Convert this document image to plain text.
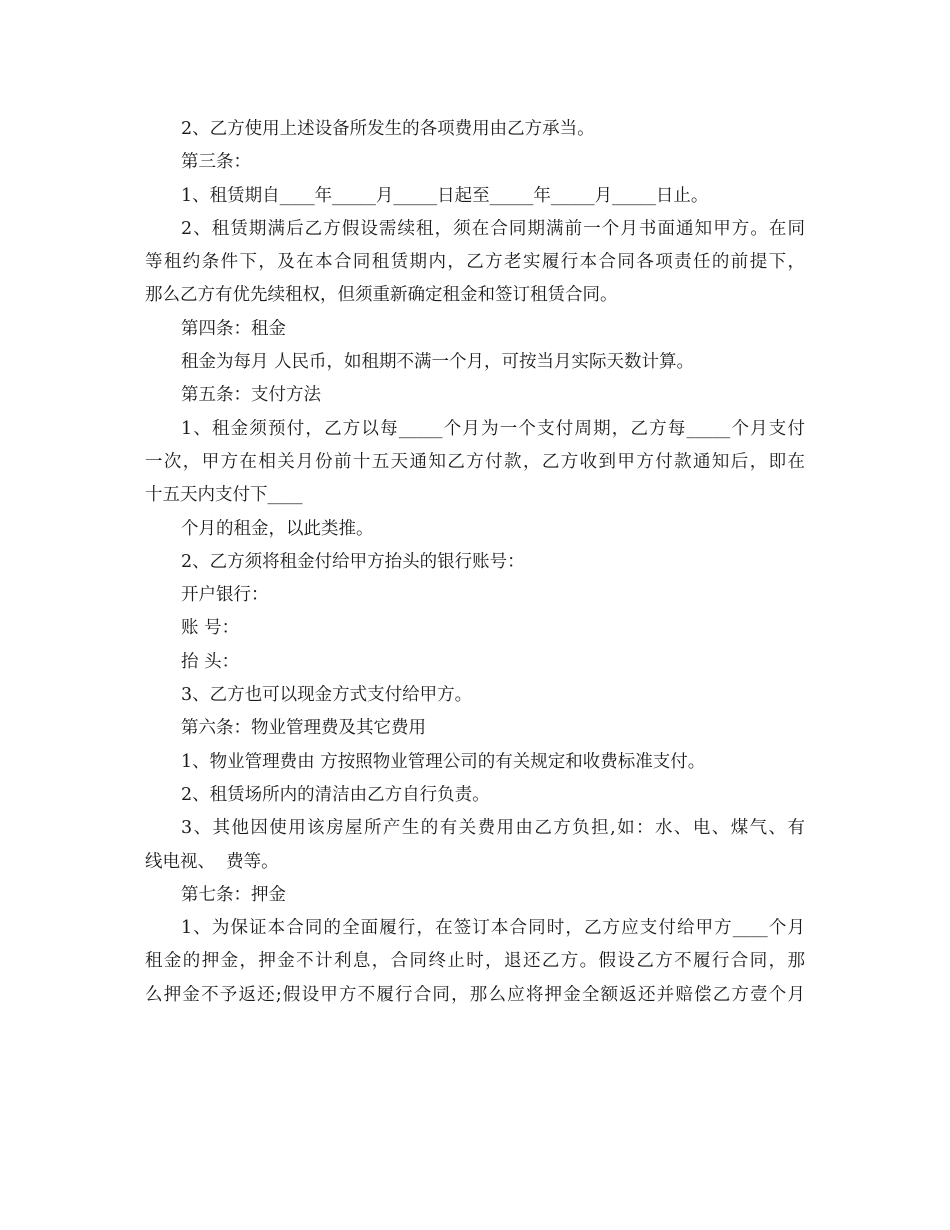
2、乙方使用上述设备所发生的各项费用由乙方承当。
第三条：
1、租赁期自____年_____月_____日起至_____年_____月_____日止。
2、租赁期满后乙方假设需续租，须在合同期满前一个月书面通知甲方。在同
等租约条件下，及在本合同租赁期内，乙方老实履行本合同各项责任的前提下，
那么乙方有优先续租权，但须重新确定租金和签订租赁合同。
第四条：租金
租金为每月 人民币，如租期不满一个月，可按当月实际天数计算。
第五条：支付方法
1、租金须预付，乙方以每_____个月为一个支付周期，乙方每_____个月支付
一次，甲方在相关月份前十五天通知乙方付款，乙方收到甲方付款通知后，即在
十五天内支付下____
个月的租金，以此类推。
2、乙方须将租金付给甲方抬头的银行账号：
开户银行：
账 号：
抬 头：
3、乙方也可以现金方式支付给甲方。
第六条：物业管理费及其它费用
1、物业管理费由 方按照物业管理公司的有关规定和收费标准支付。
2、租赁场所内的清洁由乙方自行负责。
3、其他因使用该房屋所产生的有关费用由乙方负担,如：水、电、煤气、有
线电视、  费等。
第七条：押金
1、为保证本合同的全面履行，在签订本合同时，乙方应支付给甲方____个月
租金的押金，押金不计利息，合同终止时，退还乙方。假设乙方不履行合同，那
么押金不予返还;假设甲方不履行合同，那么应将押金全额返还并赔偿乙方壹个月
